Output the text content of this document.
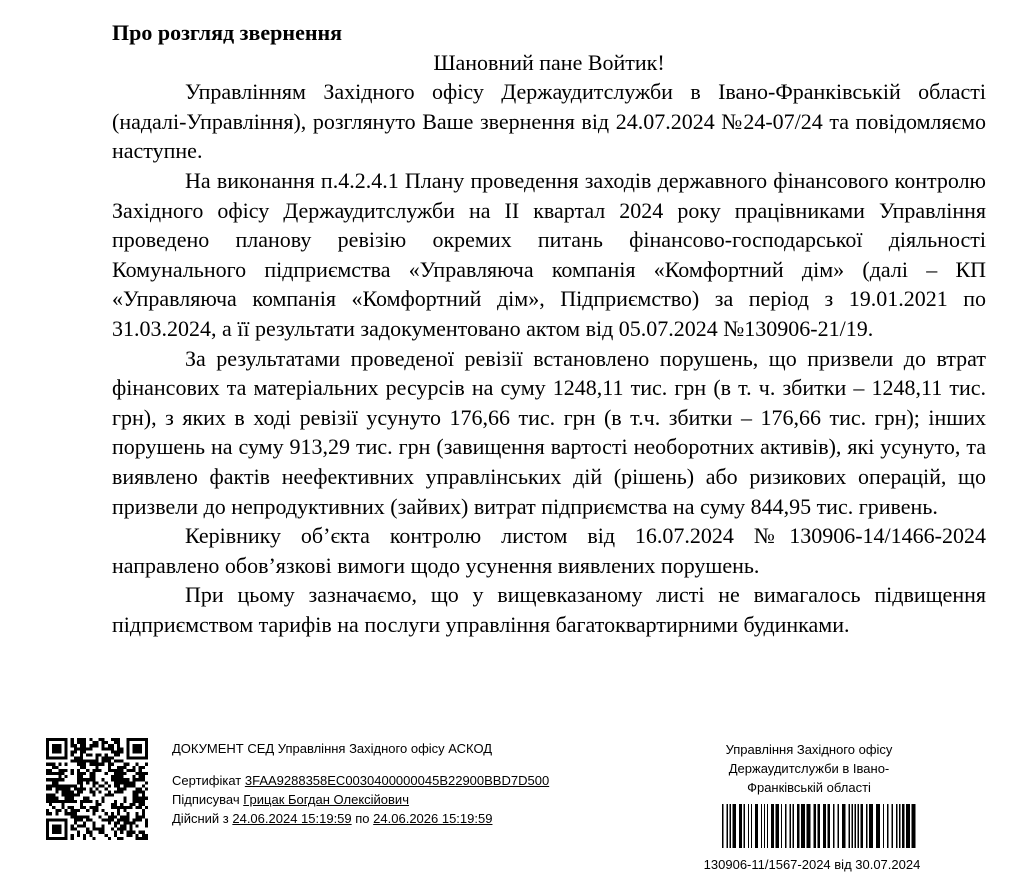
Про розгляд звернення

Шановний пане Войтик!

Управлінням Західного офісу Держаудитслужби в Івано-Франківській області (надалі-Управління), розглянуто Ваше звернення від 24.07.2024 №24-07/24 та повідомляємо наступне.

На виконання п.4.2.4.1 Плану проведення заходів державного фінансового контролю Західного офісу Держаудитслужби на ІІ квартал 2024 року працівниками Управління проведено планову ревізію окремих питань фінансово-господарської діяльності Комунального підприємства «Управляюча компанія «Комфортний дім» (далі – КП «Управляюча компанія «Комфортний дім», Підприємство) за період з 19.01.2021 по 31.03.2024, а її результати задокументовано актом від 05.07.2024 №130906-21/19.

За результатами проведеної ревізії встановлено порушень, що призвели до втрат фінансових та матеріальних ресурсів на суму 1248,11 тис. грн (в т. ч. збитки – 1248,11 тис. грн), з яких в ході ревізії усунуто 176,66 тис. грн (в т.ч. збитки – 176,66 тис. грн); інших порушень на суму 913,29 тис. грн (завищення вартості необоротних активів), які усунуто, та виявлено фактів неефективних управлінських дій (рішень) або ризикових операцій, що призвели до непродуктивних (зайвих) витрат підприємства на суму 844,95 тис. гривень.

Керівнику об’єкта контролю листом від 16.07.2024 №130906-14/1466-2024 направлено обов’язкові вимоги щодо усунення виявлених порушень.

При цьому зазначаємо, що у вищевказаному листі не вимагалось підвищення підприємством тарифів на послуги управління багатоквартирними будинками.

ДОКУМЕНТ СЕД Управління Західного офісу АСКОД
Сертифікат 3FAA9288358EC0030400000045B22900BBD7D500
Підписувач Грицак Богдан Олексійович
Дійсний з 24.06.2024 15:19:59 по 24.06.2026 15:19:59
Управління Західного офісу Держаудитслужби в Івано-Франківській області
130906-11/1567-2024 від 30.07.2024
